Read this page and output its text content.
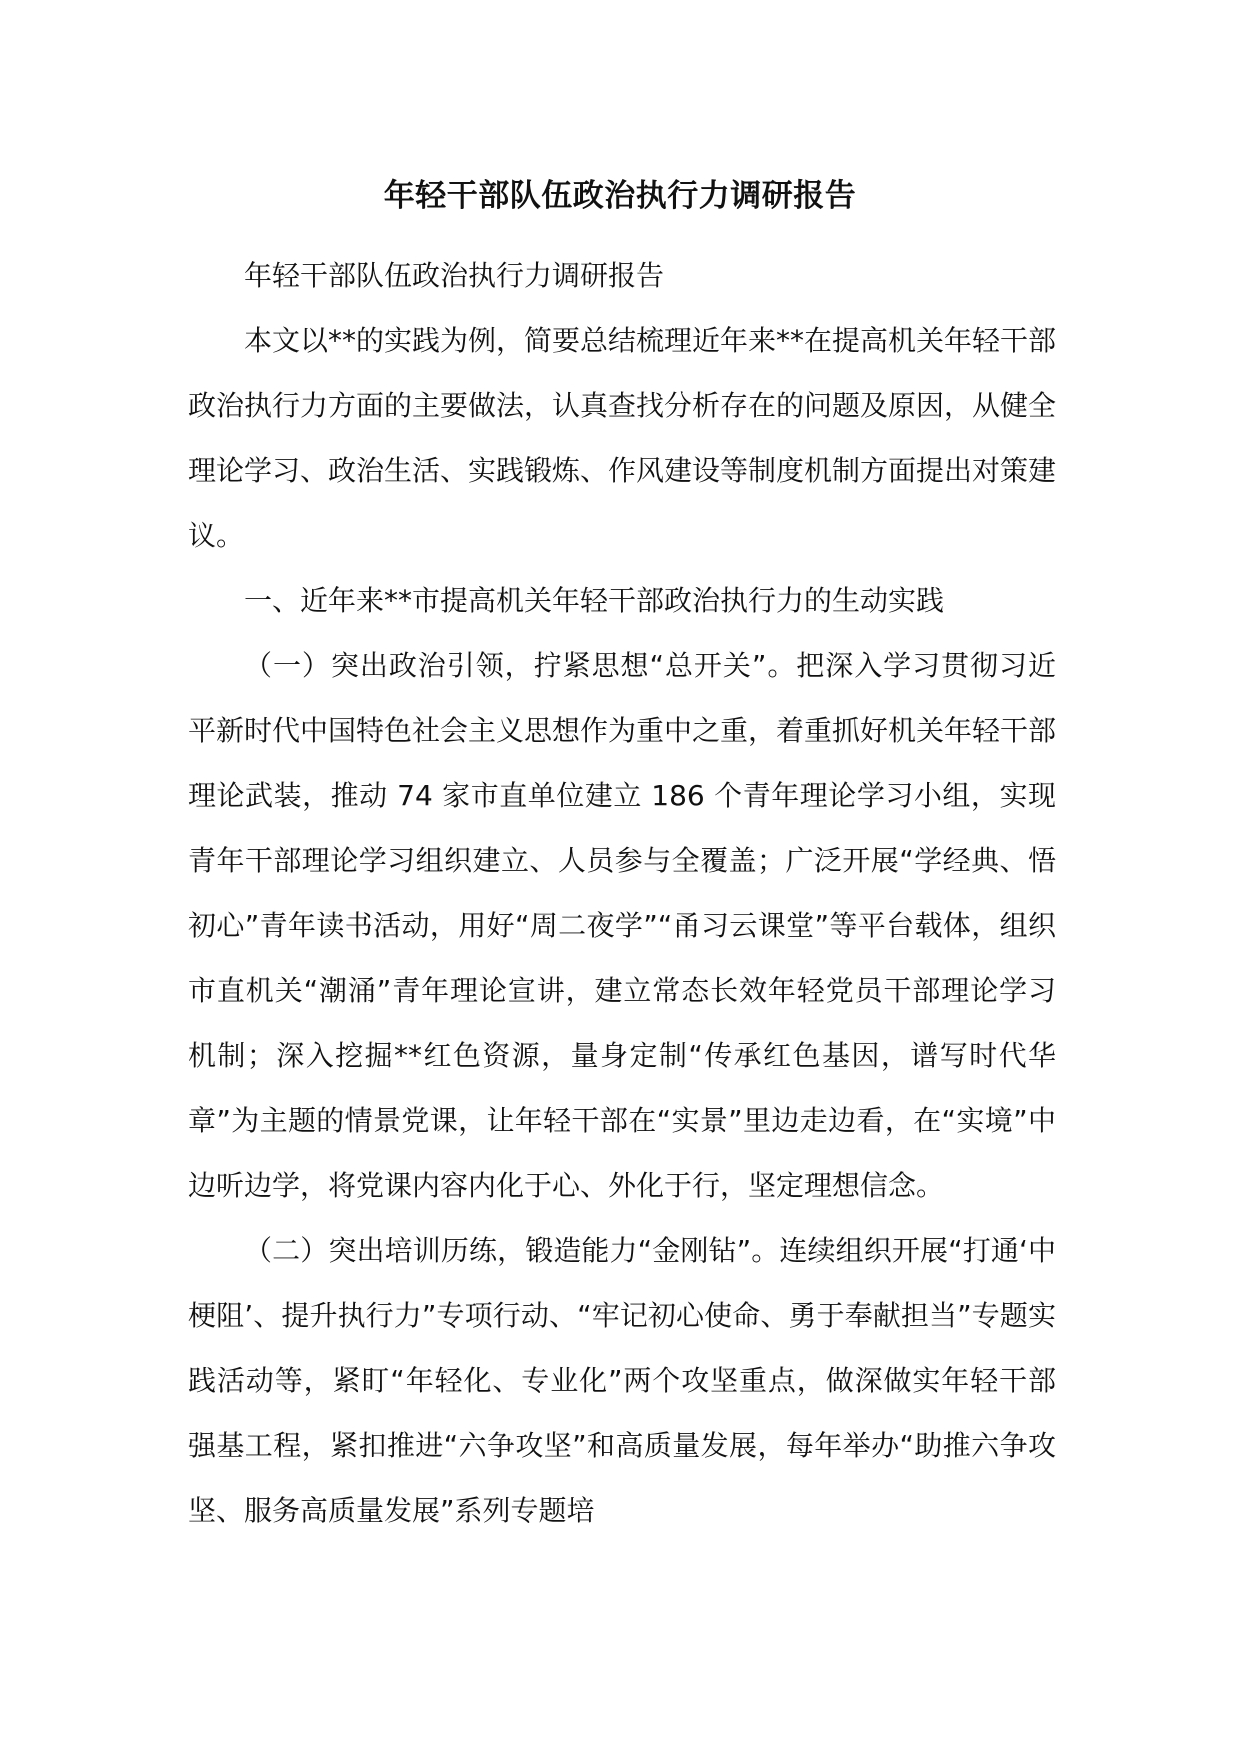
年轻干部队伍政治执行力调研报告

年轻干部队伍政治执行力调研报告

本文以**的实践为例，简要总结梳理近年来**在提高机关年轻干部政治执行力方面的主要做法，认真查找分析存在的问题及原因，从健全理论学习、政治生活、实践锻炼、作风建设等制度机制方面提出对策建议。

一、近年来**市提高机关年轻干部政治执行力的生动实践

（一）突出政治引领，拧紧思想“总开关”。把深入学习贯彻习近平新时代中国特色社会主义思想作为重中之重，着重抓好机关年轻干部理论武装，推动 74 家市直单位建立 186 个青年理论学习小组，实现青年干部理论学习组织建立、人员参与全覆盖；广泛开展“学经典、悟初心”青年读书活动，用好“周二夜学”“甬习云课堂”等平台载体，组织市直机关“潮涌”青年理论宣讲，建立常态长效年轻党员干部理论学习机制；深入挖掘**红色资源，量身定制“传承红色基因，谱写时代华章”为主题的情景党课，让年轻干部在“实景”里边走边看，在“实境”中边听边学，将党课内容内化于心、外化于行，坚定理想信念。

（二）突出培训历练，锻造能力“金刚钻”。连续组织开展“打通‘中梗阻’、提升执行力”专项行动、“牢记初心使命、勇于奉献担当”专题实践活动等，紧盯“年轻化、专业化”两个攻坚重点，做深做实年轻干部强基工程，紧扣推进“六争攻坚”和高质量发展，每年举办“助推六争攻坚、服务高质量发展”系列专题培
